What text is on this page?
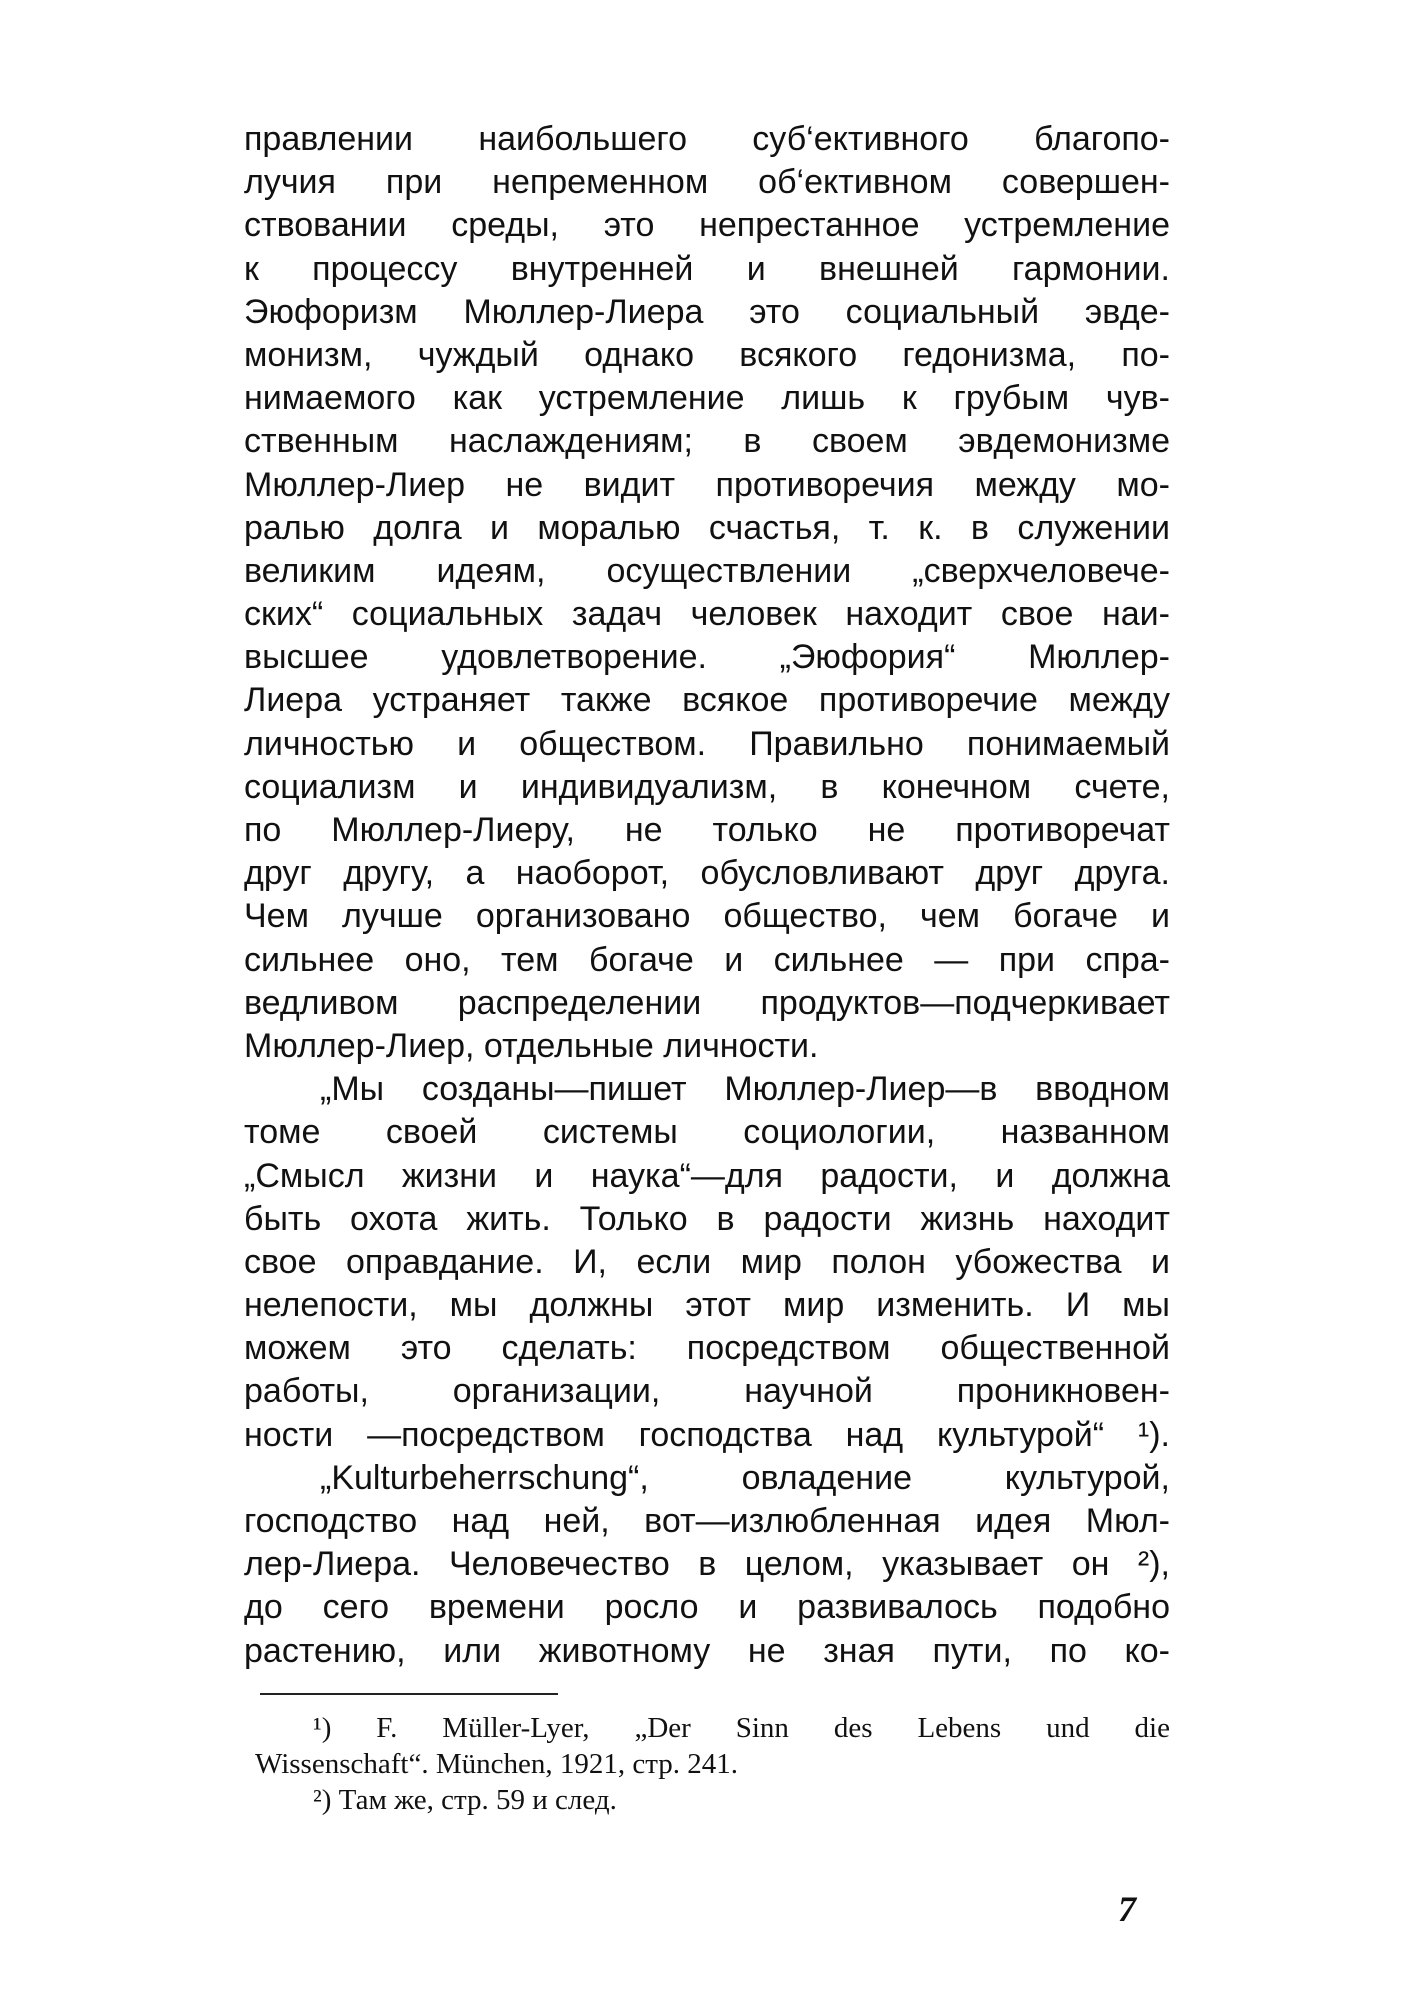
правлении наибольшего суб‘ективного благопо-
лучия при непременном об‘ективном совершен-
ствовании среды, это непрестанное устремление
к процессу внутренней и внешней гармонии.
Эюфоризм Мюллер-Лиера это социальный эвде-
монизм, чуждый однако всякого гедонизма, по-
нимаемого как устремление лишь к грубым чув-
ственным наслаждениям; в своем эвдемонизме
Мюллер-Лиер не видит противоречия между мо-
ралью долга и моралью счастья, т. к. в служении
великим идеям, осуществлении „сверхчеловече-
ских“ социальных задач человек находит свое наи-
высшее удовлетворение. „Эюфория“ Мюллер-
Лиера устраняет также всякое противоречие между
личностью и обществом. Правильно понимаемый
социализм и индивидуализм, в конечном счете,
по Мюллер-Лиеру, не только не противоречат
друг другу, а наоборот, обусловливают друг друга.
Чем лучше организовано общество, чем богаче и
сильнее оно, тем богаче и сильнее — при спра-
ведливом распределении продуктов—подчеркивает
Мюллер-Лиер, отдельные личности.
„Мы созданы—пишет Мюллер-Лиер—в вводном
томе своей системы социологии, названном
„Смысл жизни и наука“—для радости, и должна
быть охота жить. Только в радости жизнь находит
свое оправдание. И, если мир полон убожества и
нелепости, мы должны этот мир изменить. И мы
можем это сделать: посредством общественной
работы, организации, научной проникновен-
ности —посредством господства над культурой“ ¹).
„Kulturbeherrschung“, овладение культурой,
господство над ней, вот—излюбленная идея Мюл-
лер-Лиера. Человечество в целом, указывает он ²),
до сего времени росло и развивалось подобно
растению, или животному не зная пути, по ко-
¹) F. Müller-Lyer, „Der Sinn des Lebens und die
Wissenschaft“. München, 1921, стр. 241.
²) Там же, стр. 59 и след.
7
